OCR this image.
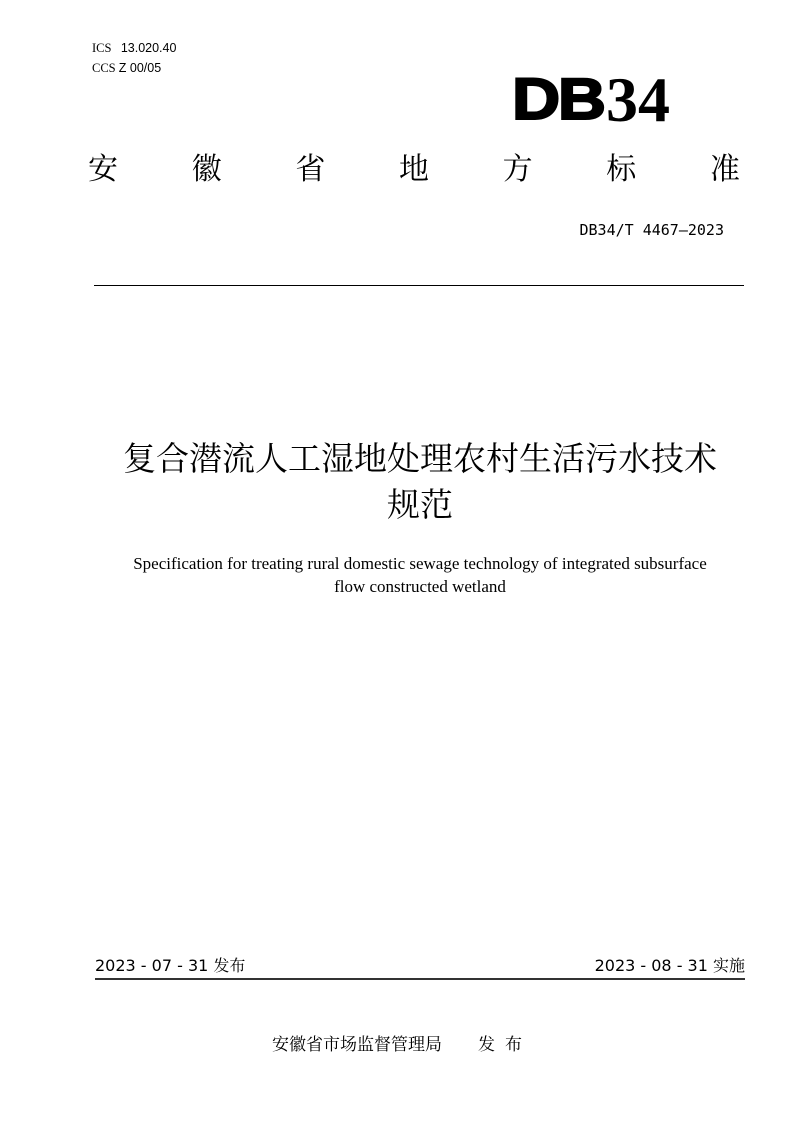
ICS 13.020.40
CCS Z 00/05	DB 34
安 徽 省 地 方 标 准
DB34/T 4467—2023
复合潜流人工湿地处理农村生活污水技术
规范
Specification for treating rural domestic sewage technology of integrated subsurface
flow constructed wetland
2023 - 07 - 31 发布	2023 - 08 - 31 实施
安徽省市场监督管理局 发布
